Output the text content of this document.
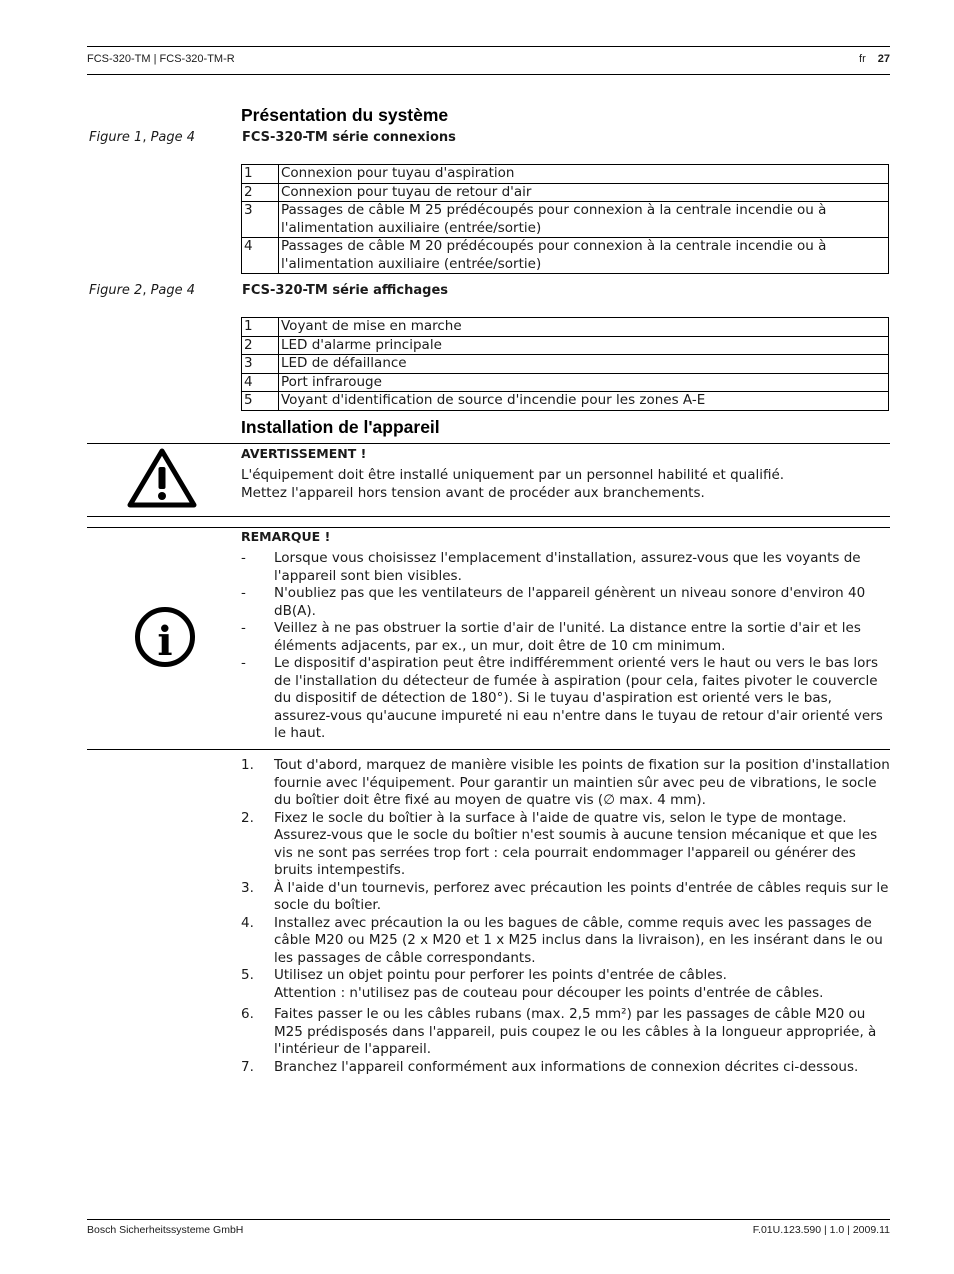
FCS-320-TM | FCS-320-TM-R	fr 27
Présentation du système
Figure 1, Page 4	FCS-320-TM série connexions
1	Connexion pour tuyau d'aspiration
2	Connexion pour tuyau de retour d'air
3	Passages de câble M 25 prédécoupés pour connexion à la centrale incendie ou à l'alimentation auxiliaire (entrée/sortie)
4	Passages de câble M 20 prédécoupés pour connexion à la centrale incendie ou à l'alimentation auxiliaire (entrée/sortie)
Figure 2, Page 4	FCS-320-TM série affichages
1	Voyant de mise en marche
2	LED d'alarme principale
3	LED de défaillance
4	Port infrarouge
5	Voyant d'identification de source d'incendie pour les zones A-E
Installation de l'appareil
AVERTISSEMENT !
L'équipement doit être installé uniquement par un personnel habilité et qualifié.
Mettez l'appareil hors tension avant de procéder aux branchements.
i
REMARQUE !
- Lorsque vous choisissez l'emplacement d'installation, assurez-vous que les voyants de l'appareil sont bien visibles.
- N'oubliez pas que les ventilateurs de l'appareil génèrent un niveau sonore d'environ 40 dB(A).
- Veillez à ne pas obstruer la sortie d'air de l'unité. La distance entre la sortie d'air et les éléments adjacents, par ex., un mur, doit être de 10 cm minimum.
- Le dispositif d'aspiration peut être indifféremment orienté vers le haut ou vers le bas lors de l'installation du détecteur de fumée à aspiration (pour cela, faites pivoter le couvercle du dispositif de détection de 180°). Si le tuyau d'aspiration est orienté vers le bas, assurez-vous qu'aucune impureté ni eau n'entre dans le tuyau de retour d'air orienté vers le haut.
1. Tout d'abord, marquez de manière visible les points de fixation sur la position d'installation fournie avec l'équipement. Pour garantir un maintien sûr avec peu de vibrations, le socle du boîtier doit être fixé au moyen de quatre vis (∅ max. 4 mm).
2. Fixez le socle du boîtier à la surface à l'aide de quatre vis, selon le type de montage. Assurez-vous que le socle du boîtier n'est soumis à aucune tension mécanique et que les vis ne sont pas serrées trop fort : cela pourrait endommager l'appareil ou générer des bruits intempestifs.
3. À l'aide d'un tournevis, perforez avec précaution les points d'entrée de câbles requis sur le socle du boîtier.
4. Installez avec précaution la ou les bagues de câble, comme requis avec les passages de câble M20 ou M25 (2 x M20 et 1 x M25 inclus dans la livraison), en les insérant dans le ou les passages de câble correspondants.
5. Utilisez un objet pointu pour perforer les points d'entrée de câbles.
Attention : n'utilisez pas de couteau pour découper les points d'entrée de câbles.
6. Faites passer le ou les câbles rubans (max. 2,5 mm²) par les passages de câble M20 ou M25 prédisposés dans l'appareil, puis coupez le ou les câbles à la longueur appropriée, à l'intérieur de l'appareil.
7. Branchez l'appareil conformément aux informations de connexion décrites ci-dessous.
Bosch Sicherheitssysteme GmbH	F.01U.123.590 | 1.0 | 2009.11
